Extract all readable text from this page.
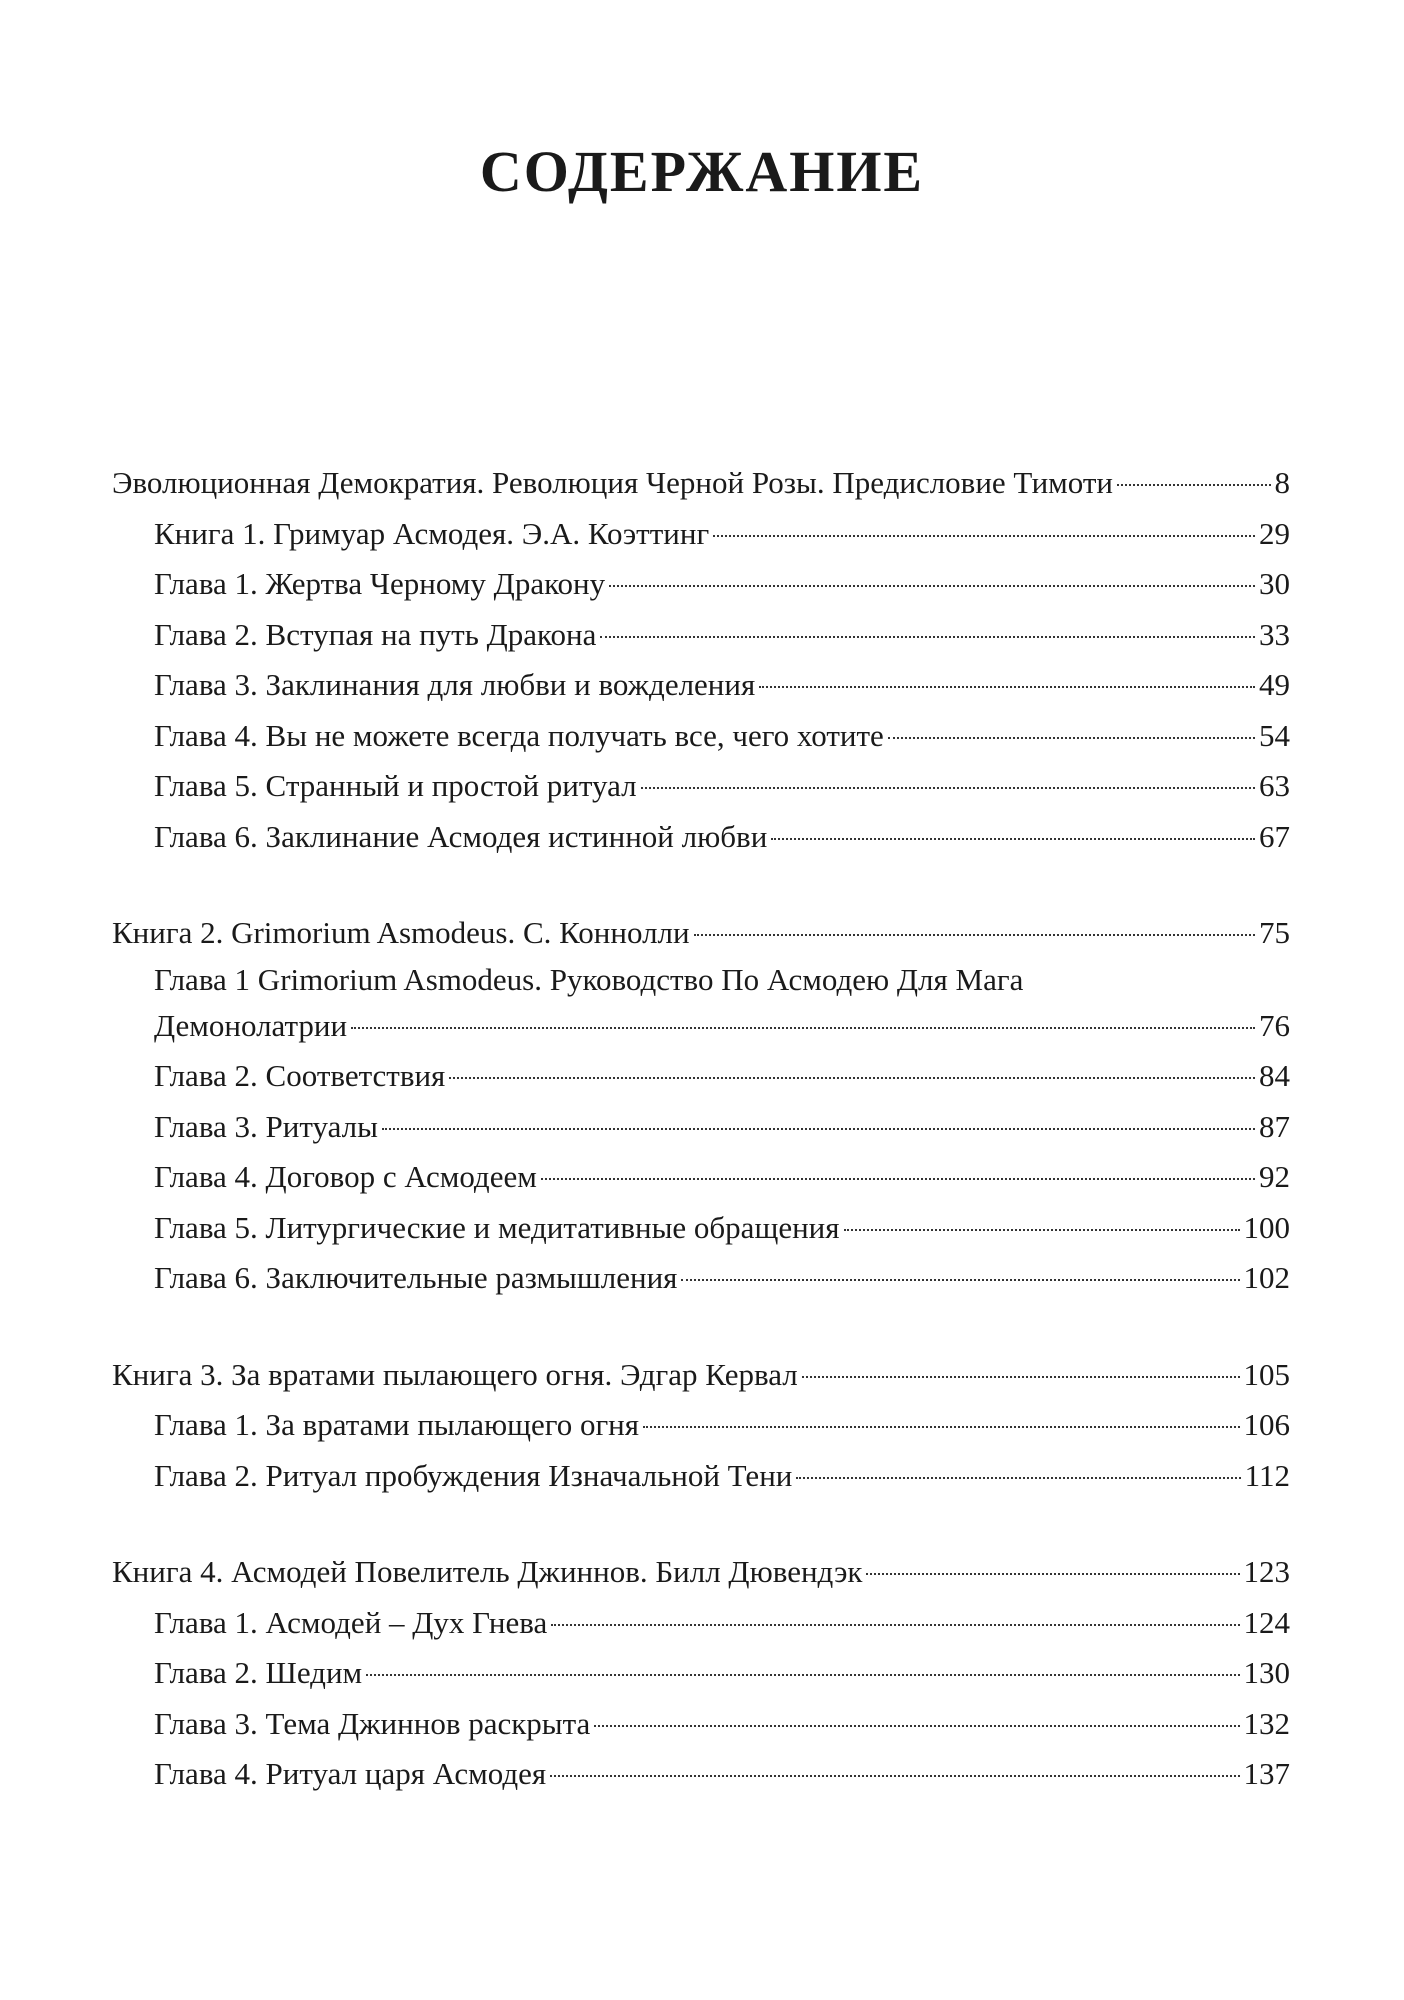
СОДЕРЖАНИЕ
Эволюционная Демократия. Революция Черной Розы. Предисловие Тимоти	8
Книга 1. Гримуар Асмодея. Э.А. Коэттинг	29
Глава 1. Жертва Черному Дракону	30
Глава 2. Вступая на путь Дракона	33
Глава 3. Заклинания для любви и вожделения	49
Глава 4. Вы не можете всегда получать все, чего хотите	54
Глава 5. Странный и простой ритуал	63
Глава 6. Заклинание Асмодея истинной любви	67
Книга 2. Grimorium Asmodeus. С. Коннолли	75
Глава 1 Grimorium Asmodeus. Руководство По Асмодею Для Мага
Демонолатрии	76
Глава 2. Соответствия	84
Глава 3. Ритуалы	87
Глава 4. Договор с Асмодеем	92
Глава 5. Литургические и медитативные обращения	100
Глава 6. Заключительные размышления	102
Книга 3. За вратами пылающего огня. Эдгар Кервал	105
Глава 1. За вратами пылающего огня	106
Глава 2. Ритуал пробуждения Изначальной Тени	112
Книга 4. Асмодей Повелитель Джиннов. Билл Дювендэк	123
Глава 1. Асмодей – Дух Гнева	124
Глава 2. Шедим	130
Глава 3. Тема Джиннов раскрыта	132
Глава 4. Ритуал царя Асмодея	137
